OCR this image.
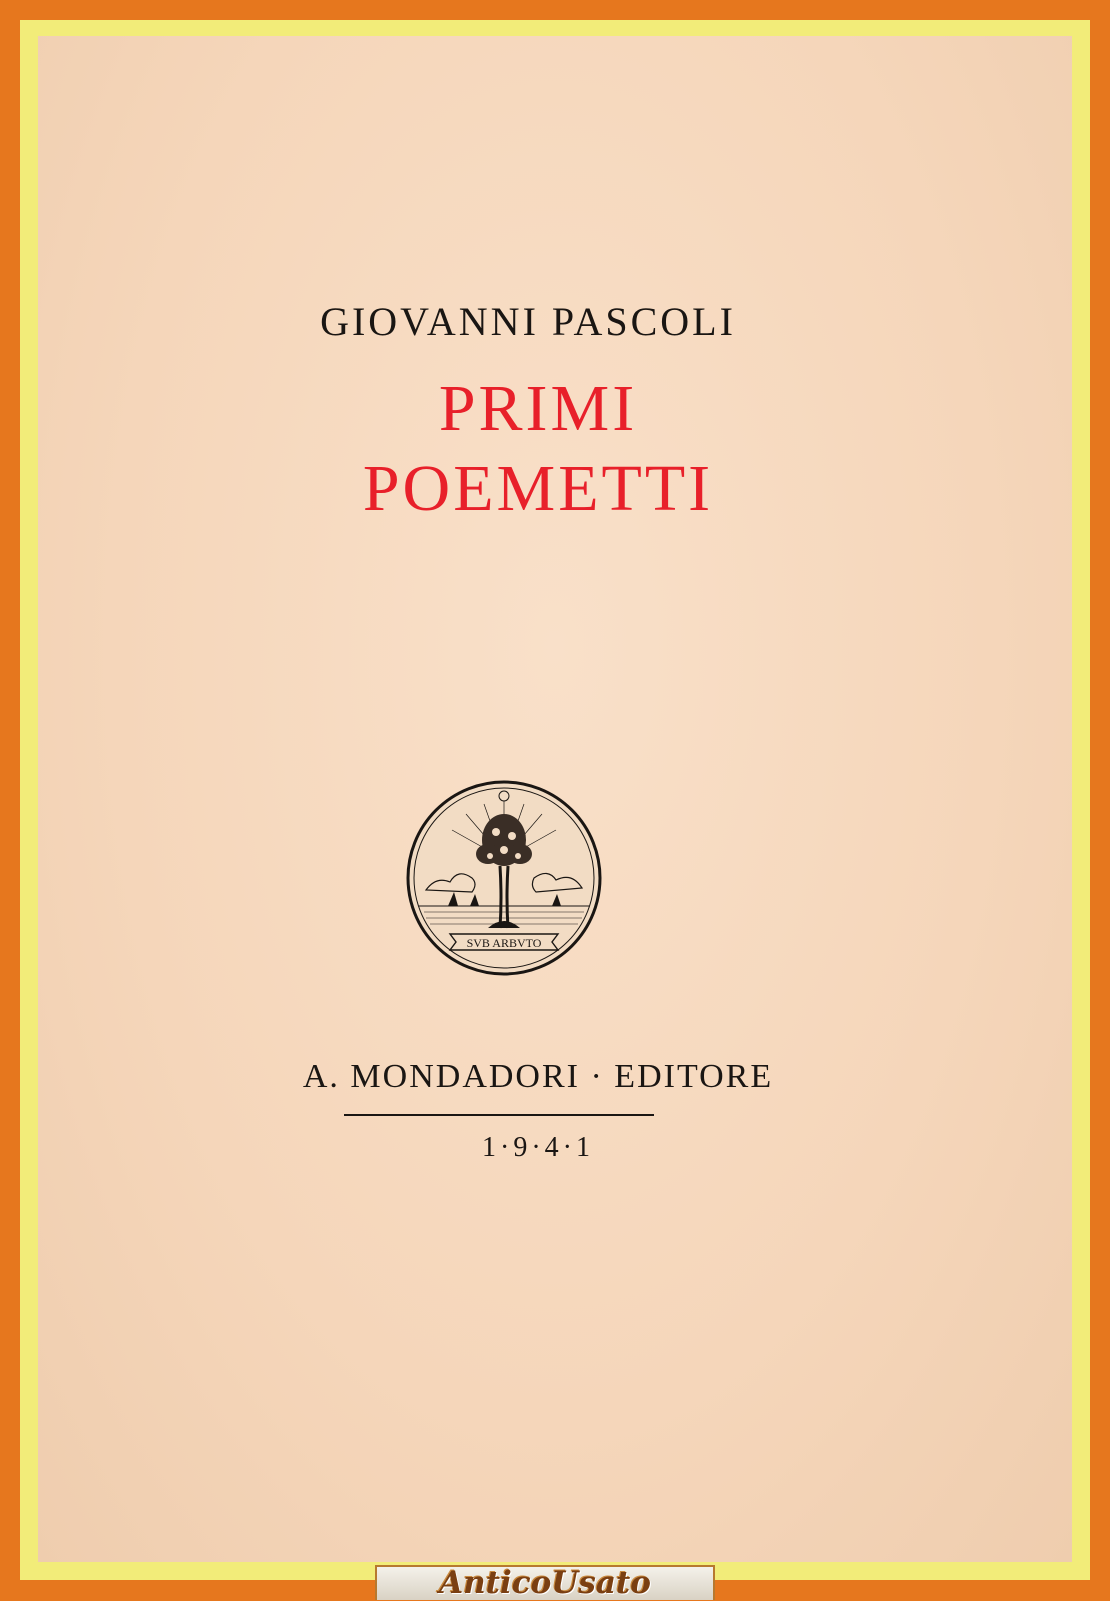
GIOVANNI PASCOLI
PRIMI
POEMETTI
SVB ARBVTO
A. MONDADORI · EDITORE
1·9·4·1
AnticoUsato
